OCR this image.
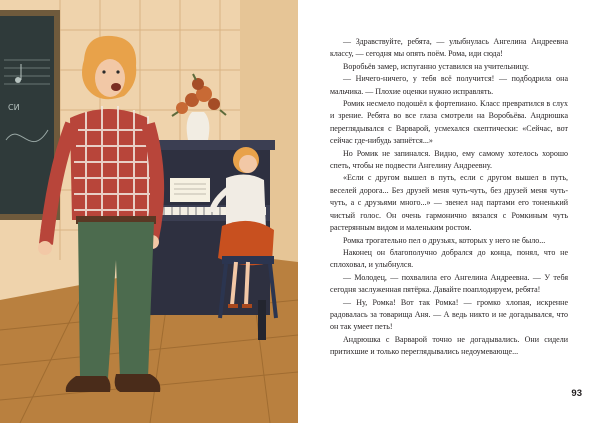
СИ

— Здравствуйте, ребята, — улыбнулась Ангелина Андреевна классу, — сегодня мы опять поём. Рома, иди сюда!

Воробьёв замер, испуганно уставился на учительницу.

— Ничего-ничего, у тебя всё получится! — подбодрила она мальчика. — Плохие оценки нужно исправлять.

Ромик несмело подошёл к фортепиано. Класс превратился в слух и зрение. Ребята во все глаза смотрели на Воробьёва. Андрюшка переглядывался с Варварой, усмехался скептически: «Сейчас, вот сейчас где-нибудь запнётся...»

Но Ромик не запинался. Видно, ему самому хотелось хорошо спеть, чтобы не подвести Ангелину Андреевну.

«Если с другом вышел в путь, если с другом вышел в путь, веселей дорога... Без друзей меня чуть-чуть, без друзей меня чуть-чуть, а с друзьями много...» — звенел над партами его тоненький чистый голос. Он очень гармонично вязался с Ромкиным чуть растерянным видом и маленьким ростом.

Ромка трогательно пел о друзьях, которых у него не было...

Наконец он благополучно добрался до конца, понял, что не сплоховал, и улыбнулся.

— Молодец, — похвалила его Ангелина Андреевна. — У тебя сегодня заслуженная пятёрка. Давайте поаплодируем, ребята!

— Ну, Ромка! Вот так Ромка! — громко хлопая, искренне радовалась за товарища Аня. — А ведь никто и не догадывался, что он так умеет петь!

Андрюшка с Варварой точно не догадывались. Они сидели притихшие и только переглядывались недоумевающе...

93
